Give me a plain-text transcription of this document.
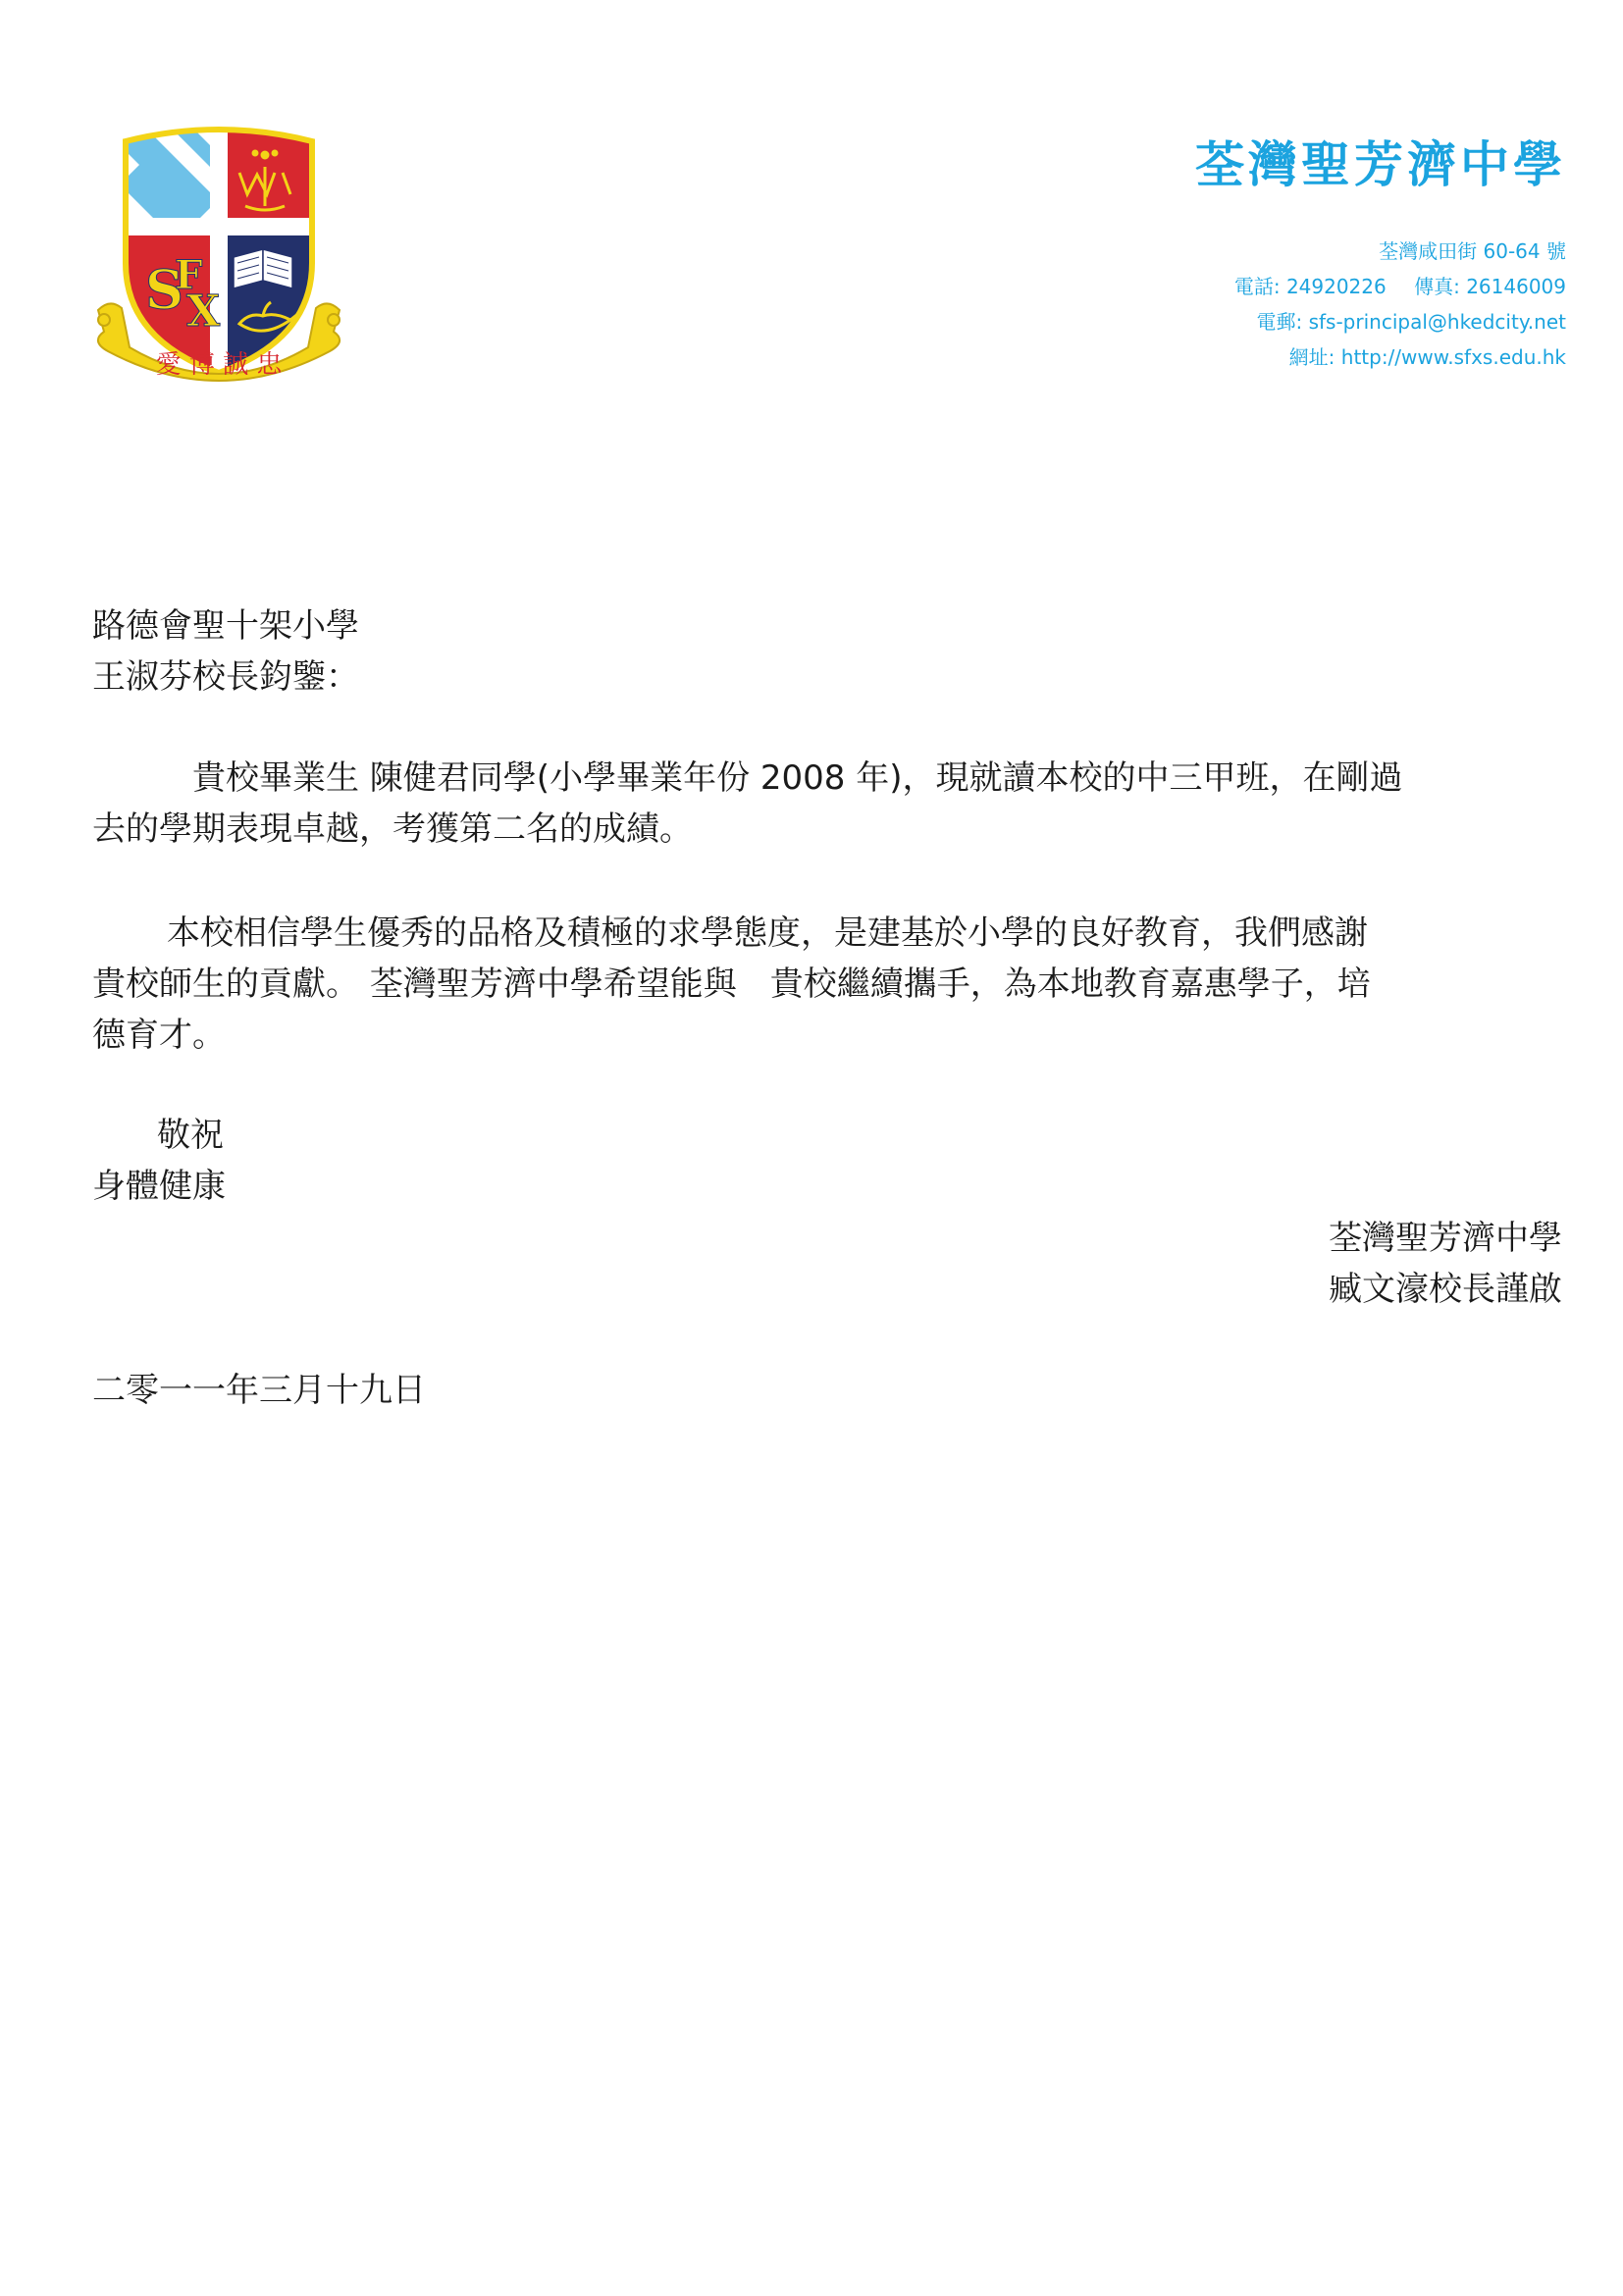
S
F
X
愛 博 誠 忠
荃灣聖芳濟中學
荃灣咸田街 60-64 號
電話: 24920226 傳真: 26146009
電郵: sfs-principal@hkedcity.net
網址: http://www.sfxs.edu.hk
路德會聖十架小學
王淑芬校長鈞鑒：
貴校畢業生 陳健君同學(小學畢業年份 2008 年)，現就讀本校的中三甲班，在剛過
去的學期表現卓越，考獲第二名的成績。
本校相信學生優秀的品格及積極的求學態度，是建基於小學的良好教育，我們感謝
貴校師生的貢獻。 荃灣聖芳濟中學希望能與　貴校繼續攜手，為本地教育嘉惠學子，培
德育才。
敬祝
身體健康
荃灣聖芳濟中學
臧文濠校長謹啟
二零一一年三月十九日
